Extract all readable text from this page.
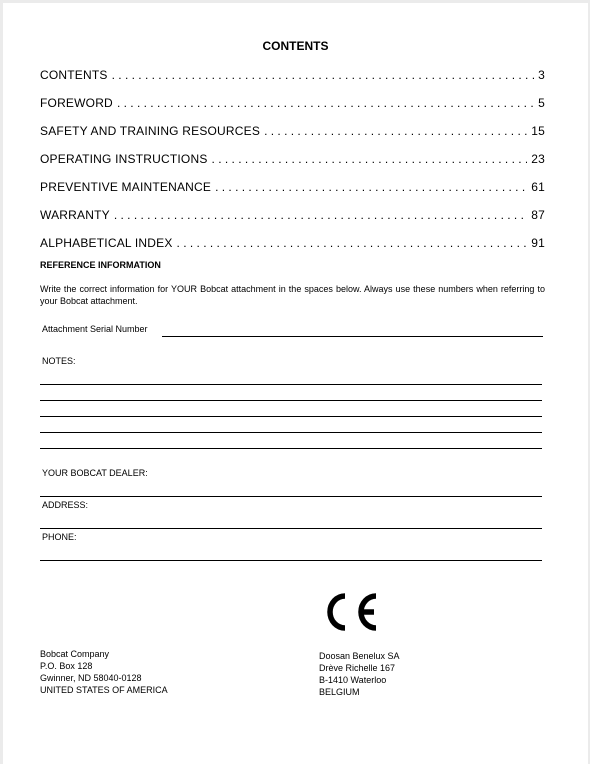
CONTENTS
CONTENTS . . .	3
FOREWORD . . .	5
SAFETY AND TRAINING RESOURCES . . .	15
OPERATING INSTRUCTIONS . . .	23
PREVENTIVE MAINTENANCE . . .	61
WARRANTY . . .	87
ALPHABETICAL INDEX . . .	91
REFERENCE INFORMATION
Write the correct information for YOUR Bobcat attachment in the spaces below. Always use these numbers when referring to your Bobcat attachment.
Attachment Serial Number
NOTES:
YOUR BOBCAT DEALER:
ADDRESS:
PHONE:
Bobcat Company
P.O. Box 128
Gwinner, ND 58040-0128
UNITED STATES OF AMERICA
Doosan Benelux SA
Drève Richelle 167
B-1410 Waterloo
BELGIUM
